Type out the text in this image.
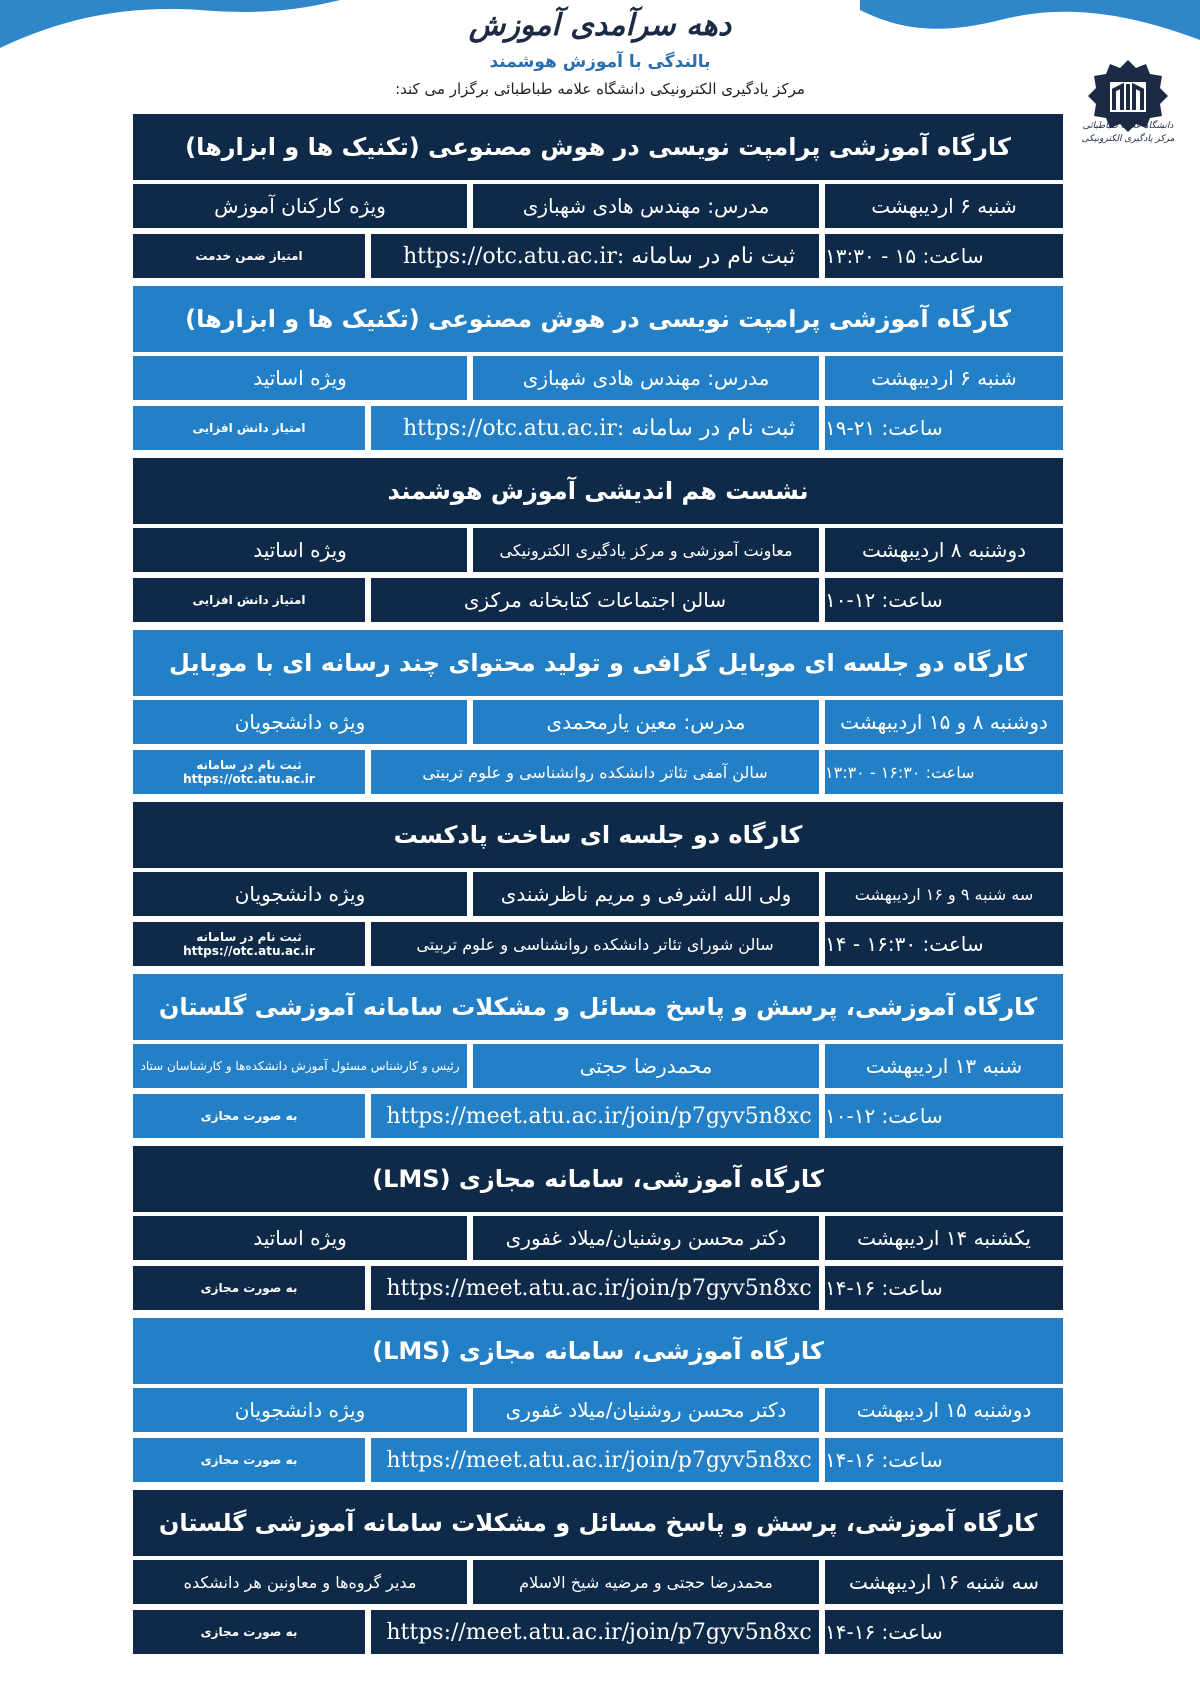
دهه سرآمدی آموزش
بالندگی با آموزش هوشمند
مرکز یادگیری الکترونیکی دانشگاه علامه طباطبائی برگزار می کند:
دانشگاه علامه طباطبائی
مرکز یادگیری الکترونیکی
کارگاه آموزشی پرامپت نویسی در هوش مصنوعی (تکنیک ها و ابزارها)
شنبه ۶ اردیبهشت
مدرس: مهندس هادی شهبازی
ویژه کارکنان آموزش
ساعت: ۱۵ - ۱۳:۳۰
ثبت نام در سامانه :
https://otc.atu.ac.ir
امتیاز ضمن خدمت
کارگاه آموزشی پرامپت نویسی در هوش مصنوعی (تکنیک ها و ابزارها)
شنبه ۶ اردیبهشت
مدرس: مهندس هادی شهبازی
ویژه اساتید
ساعت: ۲۱-۱۹
ثبت نام در سامانه :
https://otc.atu.ac.ir
امتیاز دانش افزایی
نشست هم اندیشی آموزش هوشمند
دوشنبه ۸ اردیبهشت
معاونت آموزشی و مرکز یادگیری الکترونیکی
ویژه اساتید
ساعت: ۱۲-۱۰
سالن اجتماعات کتابخانه مرکزی
امتیاز دانش افزایی
کارگاه دو جلسه ای موبایل گرافی و تولید محتوای چند رسانه ای با موبایل
دوشنبه ۸ و ۱۵ اردیبهشت
مدرس: معین یارمحمدی
ویژه دانشجویان
ساعت: ۱۶:۳۰ - ۱۳:۳۰
سالن آمفی تئاتر دانشکده روانشناسی و علوم تربیتی
ثبت نام در سامانه https://otc.atu.ac.ir
کارگاه دو جلسه ای ساخت پادکست
سه شنبه ۹ و ۱۶ اردیبهشت
ولی الله اشرفی و مریم ناظرشندی
ویژه دانشجویان
ساعت: ۱۶:۳۰ - ۱۴
سالن شورای تئاتر دانشکده روانشناسی و علوم تربیتی
ثبت نام در سامانه https://otc.atu.ac.ir
کارگاه آموزشی، پرسش و پاسخ مسائل و مشکلات سامانه آموزشی گلستان
شنبه ۱۳ اردیبهشت
محمدرضا حجتی
رئیس و کارشناس مسئول آموزش دانشکده‌ها و کارشناسان ستاد
ساعت: ۱۲-۱۰
https://meet.atu.ac.ir/join/p7gyv5n8xc
به صورت مجازی
کارگاه آموزشی، سامانه مجازی (LMS)
یکشنبه ۱۴ اردیبهشت
دکتر محسن روشنیان/میلاد غفوری
ویژه اساتید
ساعت: ۱۶-۱۴
https://meet.atu.ac.ir/join/p7gyv5n8xc
به صورت مجازی
کارگاه آموزشی، سامانه مجازی (LMS)
دوشنبه ۱۵ اردیبهشت
دکتر محسن روشنیان/میلاد غفوری
ویژه دانشجویان
ساعت: ۱۶-۱۴
https://meet.atu.ac.ir/join/p7gyv5n8xc
به صورت مجازی
کارگاه آموزشی، پرسش و پاسخ مسائل و مشکلات سامانه آموزشی گلستان
سه شنبه ۱۶ اردیبهشت
محمدرضا حجتی و مرضیه شیخ الاسلام
مدیر گروه‌ها و معاونین هر دانشکده
ساعت: ۱۶-۱۴
https://meet.atu.ac.ir/join/p7gyv5n8xc
به صورت مجازی
